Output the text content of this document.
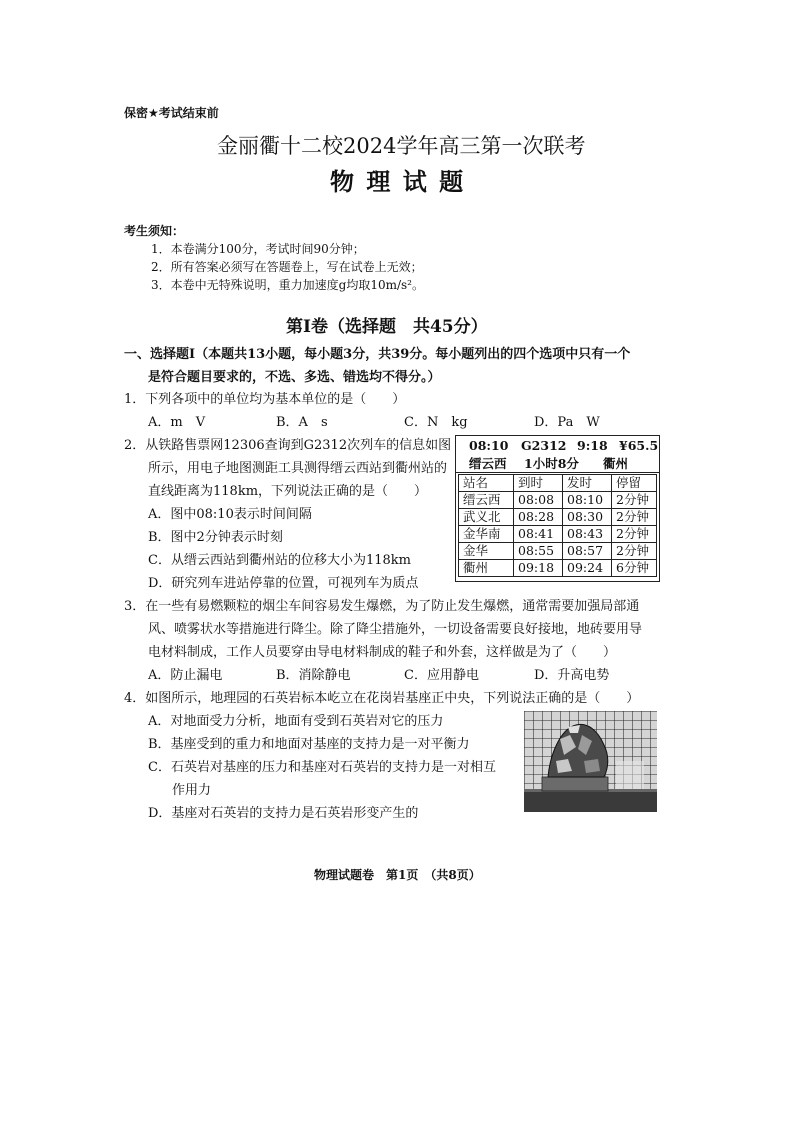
保密★考试结束前
金丽衢十二校2024学年高三第一次联考
物 理 试 题
考生须知：
1．本卷满分100分，考试时间90分钟；
2．所有答案必须写在答题卷上，写在试卷上无效；
3．本卷中无特殊说明，重力加速度g均取10m/s²。
第Ⅰ卷（选择题　共45分）
一、选择题Ⅰ（本题共13小题，每小题3分，共39分。每小题列出的四个选项中只有一个
是符合题目要求的，不选、多选、错选均不得分。）
1．下列各项中的单位均为基本单位的是（　　）
A．m　V	B．A　s	C．N　kg	D．Pa　W
2．从铁路售票网12306查询到G2312次列车的信息如图
所示，用电子地图测距工具测得缙云西站到衢州站的
直线距离为118km，下列说法正确的是（　　）
A．图中08:10表示时间间隔
B．图中2分钟表示时刻
C．从缙云西站到衢州站的位移大小为118km
D．研究列车进站停靠的位置，可视列车为质点
08:10 G2312 9:18 ¥65.5
缙云西 1小时8分 衢州
站名	到时	发时	停留
缙云西	08:08	08:10	2分钟
武义北	08:28	08:30	2分钟
金华南	08:41	08:43	2分钟
金华	08:55	08:57	2分钟
衢州	09:18	09:24	6分钟
3．在一些有易燃颗粒的烟尘车间容易发生爆燃，为了防止发生爆燃，通常需要加强局部通
风、喷雾状水等措施进行降尘。除了降尘措施外，一切设备需要良好接地，地砖要用导
电材料制成，工作人员要穿由导电材料制成的鞋子和外套，这样做是为了（　　）
A．防止漏电	B．消除静电	C．应用静电	D．升高电势
4．如图所示，地理园的石英岩标本屹立在花岗岩基座正中央，下列说法正确的是（　　）
A．对地面受力分析，地面有受到石英岩对它的压力
B．基座受到的重力和地面对基座的支持力是一对平衡力
C．石英岩对基座的压力和基座对石英岩的支持力是一对相互
作用力
D．基座对石英岩的支持力是石英岩形变产生的
物理试题卷　第1页　（共8页）
